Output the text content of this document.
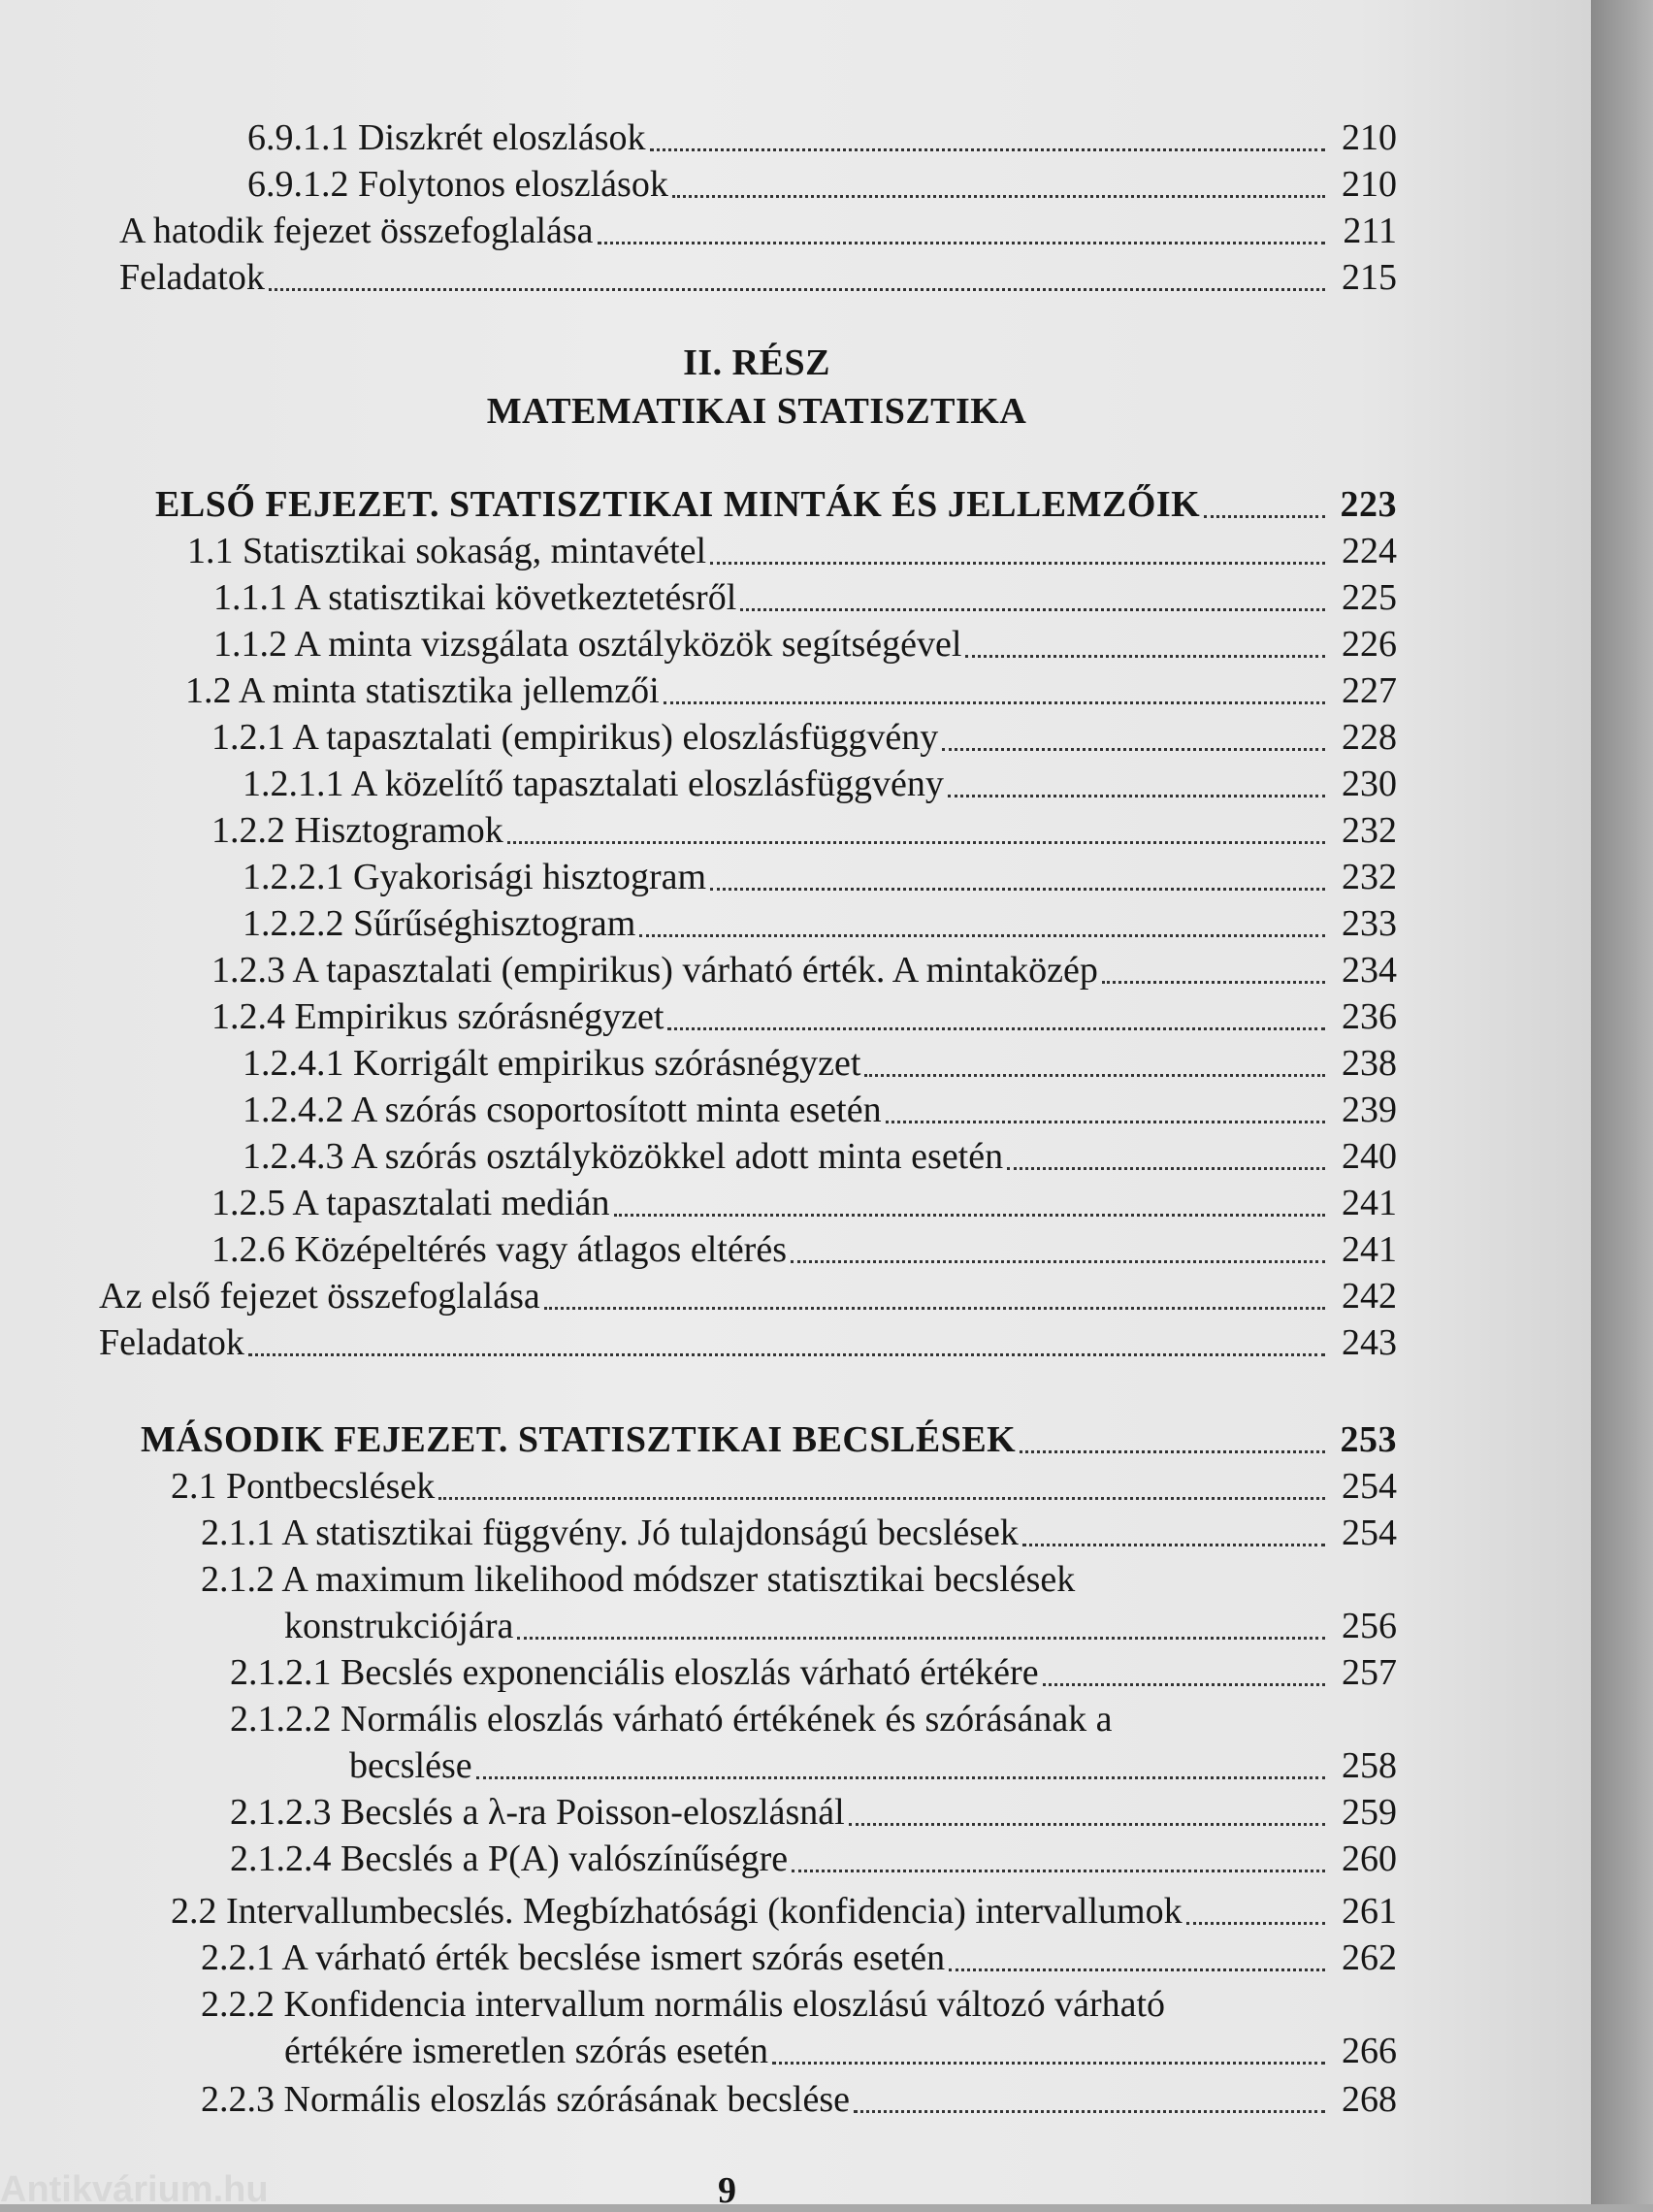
6.9.1.1 Diszkrét eloszlások	210
6.9.1.2 Folytonos eloszlások	210
A hatodik fejezet összefoglalása	211
Feladatok	215
ELSŐ FEJEZET. STATISZTIKAI MINTÁK ÉS JELLEMZŐIK	223
1.1 Statisztikai sokaság, mintavétel	224
1.1.1 A statisztikai következtetésről	225
1.1.2 A minta vizsgálata osztályközök segítségével	226
1.2 A minta statisztika jellemzői	227
1.2.1 A tapasztalati (empirikus) eloszlásfüggvény	228
1.2.1.1 A közelítő tapasztalati eloszlásfüggvény	230
1.2.2 Hisztogramok	232
1.2.2.1 Gyakorisági hisztogram	232
1.2.2.2 Sűrűséghisztogram	233
1.2.3 A tapasztalati (empirikus) várható érték. A mintaközép	234
1.2.4 Empirikus szórásnégyzet	236
1.2.4.1 Korrigált empirikus szórásnégyzet	238
1.2.4.2 A szórás csoportosított minta esetén	239
1.2.4.3 A szórás osztályközökkel adott minta esetén	240
1.2.5 A tapasztalati medián	241
1.2.6 Középeltérés vagy átlagos eltérés	241
Az első fejezet összefoglalása	242
Feladatok	243
MÁSODIK FEJEZET. STATISZTIKAI BECSLÉSEK	253
2.1 Pontbecslések	254
2.1.1 A statisztikai függvény. Jó tulajdonságú becslések	254
2.1.2 A maximum likelihood módszer statisztikai becslések
konstrukciójára	256
2.1.2.1 Becslés exponenciális eloszlás várható értékére	257
2.1.2.2 Normális eloszlás várható értékének és szórásának a
becslése	258
2.1.2.3 Becslés a λ-ra Poisson-eloszlásnál	259
2.1.2.4 Becslés a P(A) valószínűségre	260
2.2 Intervallumbecslés. Megbízhatósági (konfidencia) intervallumok	261
2.2.1 A várható érték becslése ismert szórás esetén	262
2.2.2 Konfidencia intervallum normális eloszlású változó várható
értékére ismeretlen szórás esetén	266
2.2.3 Normális eloszlás szórásának becslése	268
II. RÉSZ
MATEMATIKAI STATISZTIKA
9
Antikvárium.hu
